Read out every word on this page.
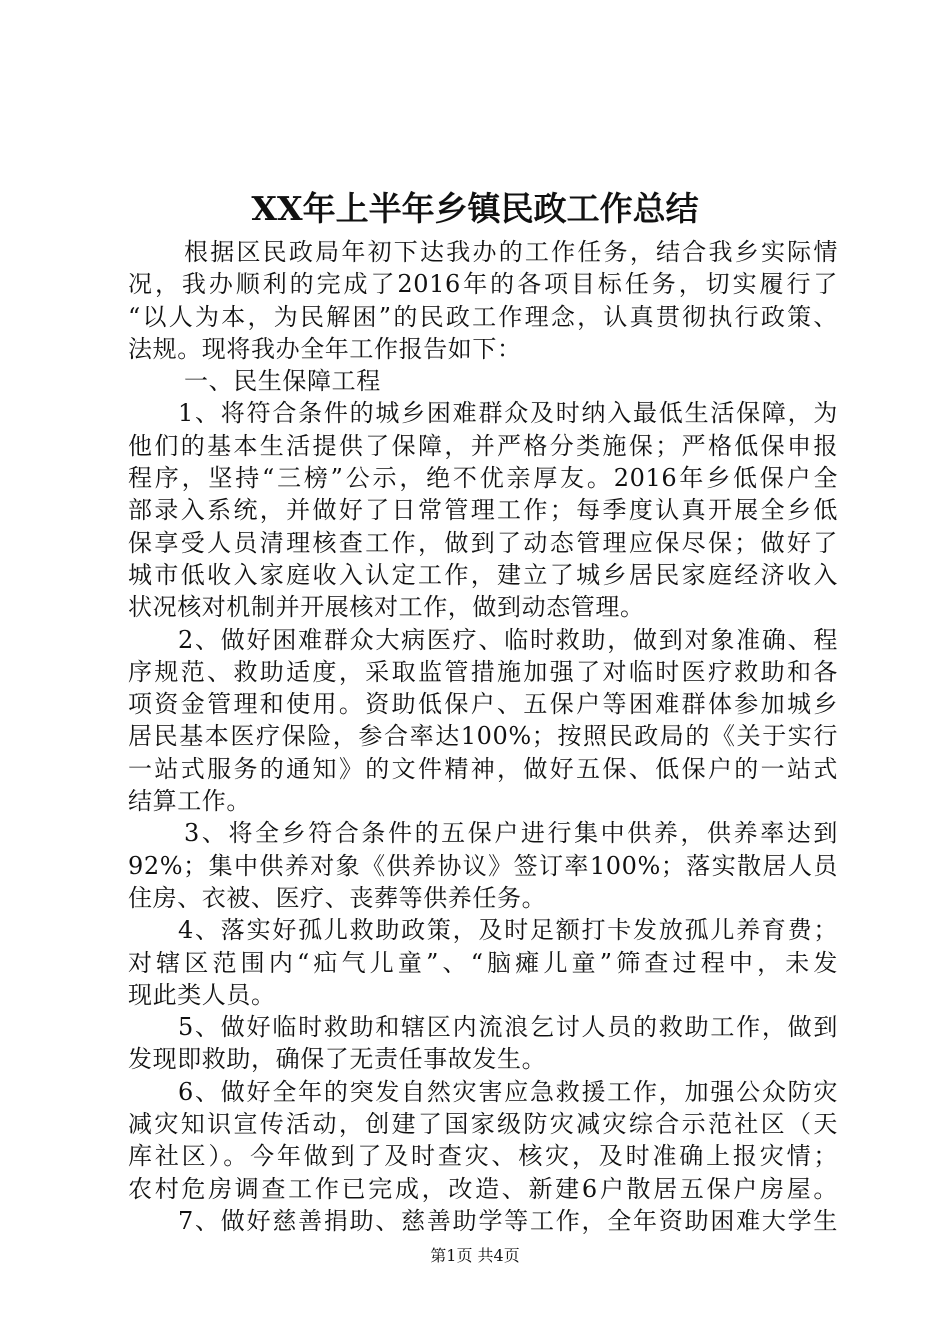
XX年上半年乡镇民政工作总结
根据区民政局年初下达我办的工作任务，结合我乡实际情
况，我办顺利的完成了2016年的各项目标任务，切实履行了
“以人为本，为民解困”的民政工作理念，认真贯彻执行政策、
法规。现将我办全年工作报告如下：
一、民生保障工程
1、将符合条件的城乡困难群众及时纳入最低生活保障，为
他们的基本生活提供了保障，并严格分类施保；严格低保申报
程序，坚持“三榜”公示，绝不优亲厚友。2016年乡低保户全
部录入系统，并做好了日常管理工作；每季度认真开展全乡低
保享受人员清理核查工作，做到了动态管理应保尽保；做好了
城市低收入家庭收入认定工作，建立了城乡居民家庭经济收入
状况核对机制并开展核对工作，做到动态管理。
2、做好困难群众大病医疗、临时救助，做到对象准确、程
序规范、救助适度，采取监管措施加强了对临时医疗救助和各
项资金管理和使用。资助低保户、五保户等困难群体参加城乡
居民基本医疗保险，参合率达100%；按照民政局的《关于实行
一站式服务的通知》的文件精神，做好五保、低保户的一站式
结算工作。
3、将全乡符合条件的五保户进行集中供养，供养率达到
92%；集中供养对象《供养协议》签订率100%；落实散居人员
住房、衣被、医疗、丧葬等供养任务。
4、落实好孤儿救助政策，及时足额打卡发放孤儿养育费；
对辖区范围内“疝气儿童”、“脑瘫儿童”筛查过程中，未发
现此类人员。
5、做好临时救助和辖区内流浪乞讨人员的救助工作，做到
发现即救助，确保了无责任事故发生。
6、做好全年的突发自然灾害应急救援工作，加强公众防灾
减灾知识宣传活动，创建了国家级防灾减灾综合示范社区（天
库社区）。今年做到了及时查灾、核灾，及时准确上报灾情；
农村危房调查工作已完成，改造、新建6户散居五保户房屋。
7、做好慈善捐助、慈善助学等工作，全年资助困难大学生
第1页 共4页
